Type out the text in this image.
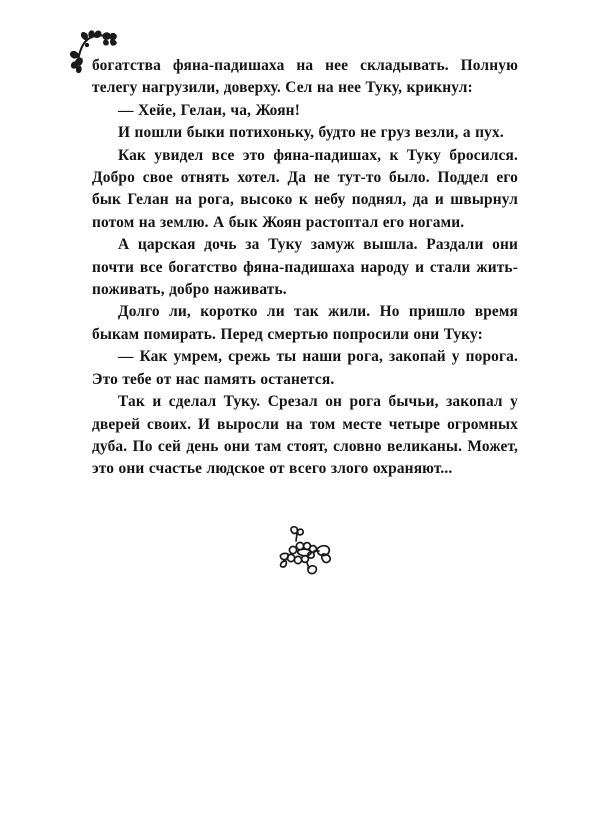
богатства фяна-падишаха на нее складывать. Полную телегу нагрузили, доверху. Сел на нее Туку, крикнул:

— Хейе, Гелан, ча, Жоян!

И пошли быки потихоньку, будто не груз везли, а пух.

Как увидел все это фяна-падишах, к Туку бросился. Добро свое отнять хотел. Да не тут-то было. Поддел его бык Гелан на рога, высоко к небу поднял, да и швырнул потом на землю. А бык Жоян растоптал его ногами.

А царская дочь за Туку замуж вышла. Раздали они почти все богатство фяна-падишаха народу и стали жить-поживать, добро наживать.

Долго ли, коротко ли так жили. Но пришло время быкам помирать. Перед смертью попросили они Туку:

— Как умрем, срежь ты наши рога, закопай у порога. Это тебе от нас память останется.

Так и сделал Туку. Срезал он рога бычьи, закопал у дверей своих. И выросли на том месте четыре огромных дуба. По сей день они там стоят, словно великаны. Может, это они счастье людское от всего злого охраняют...
